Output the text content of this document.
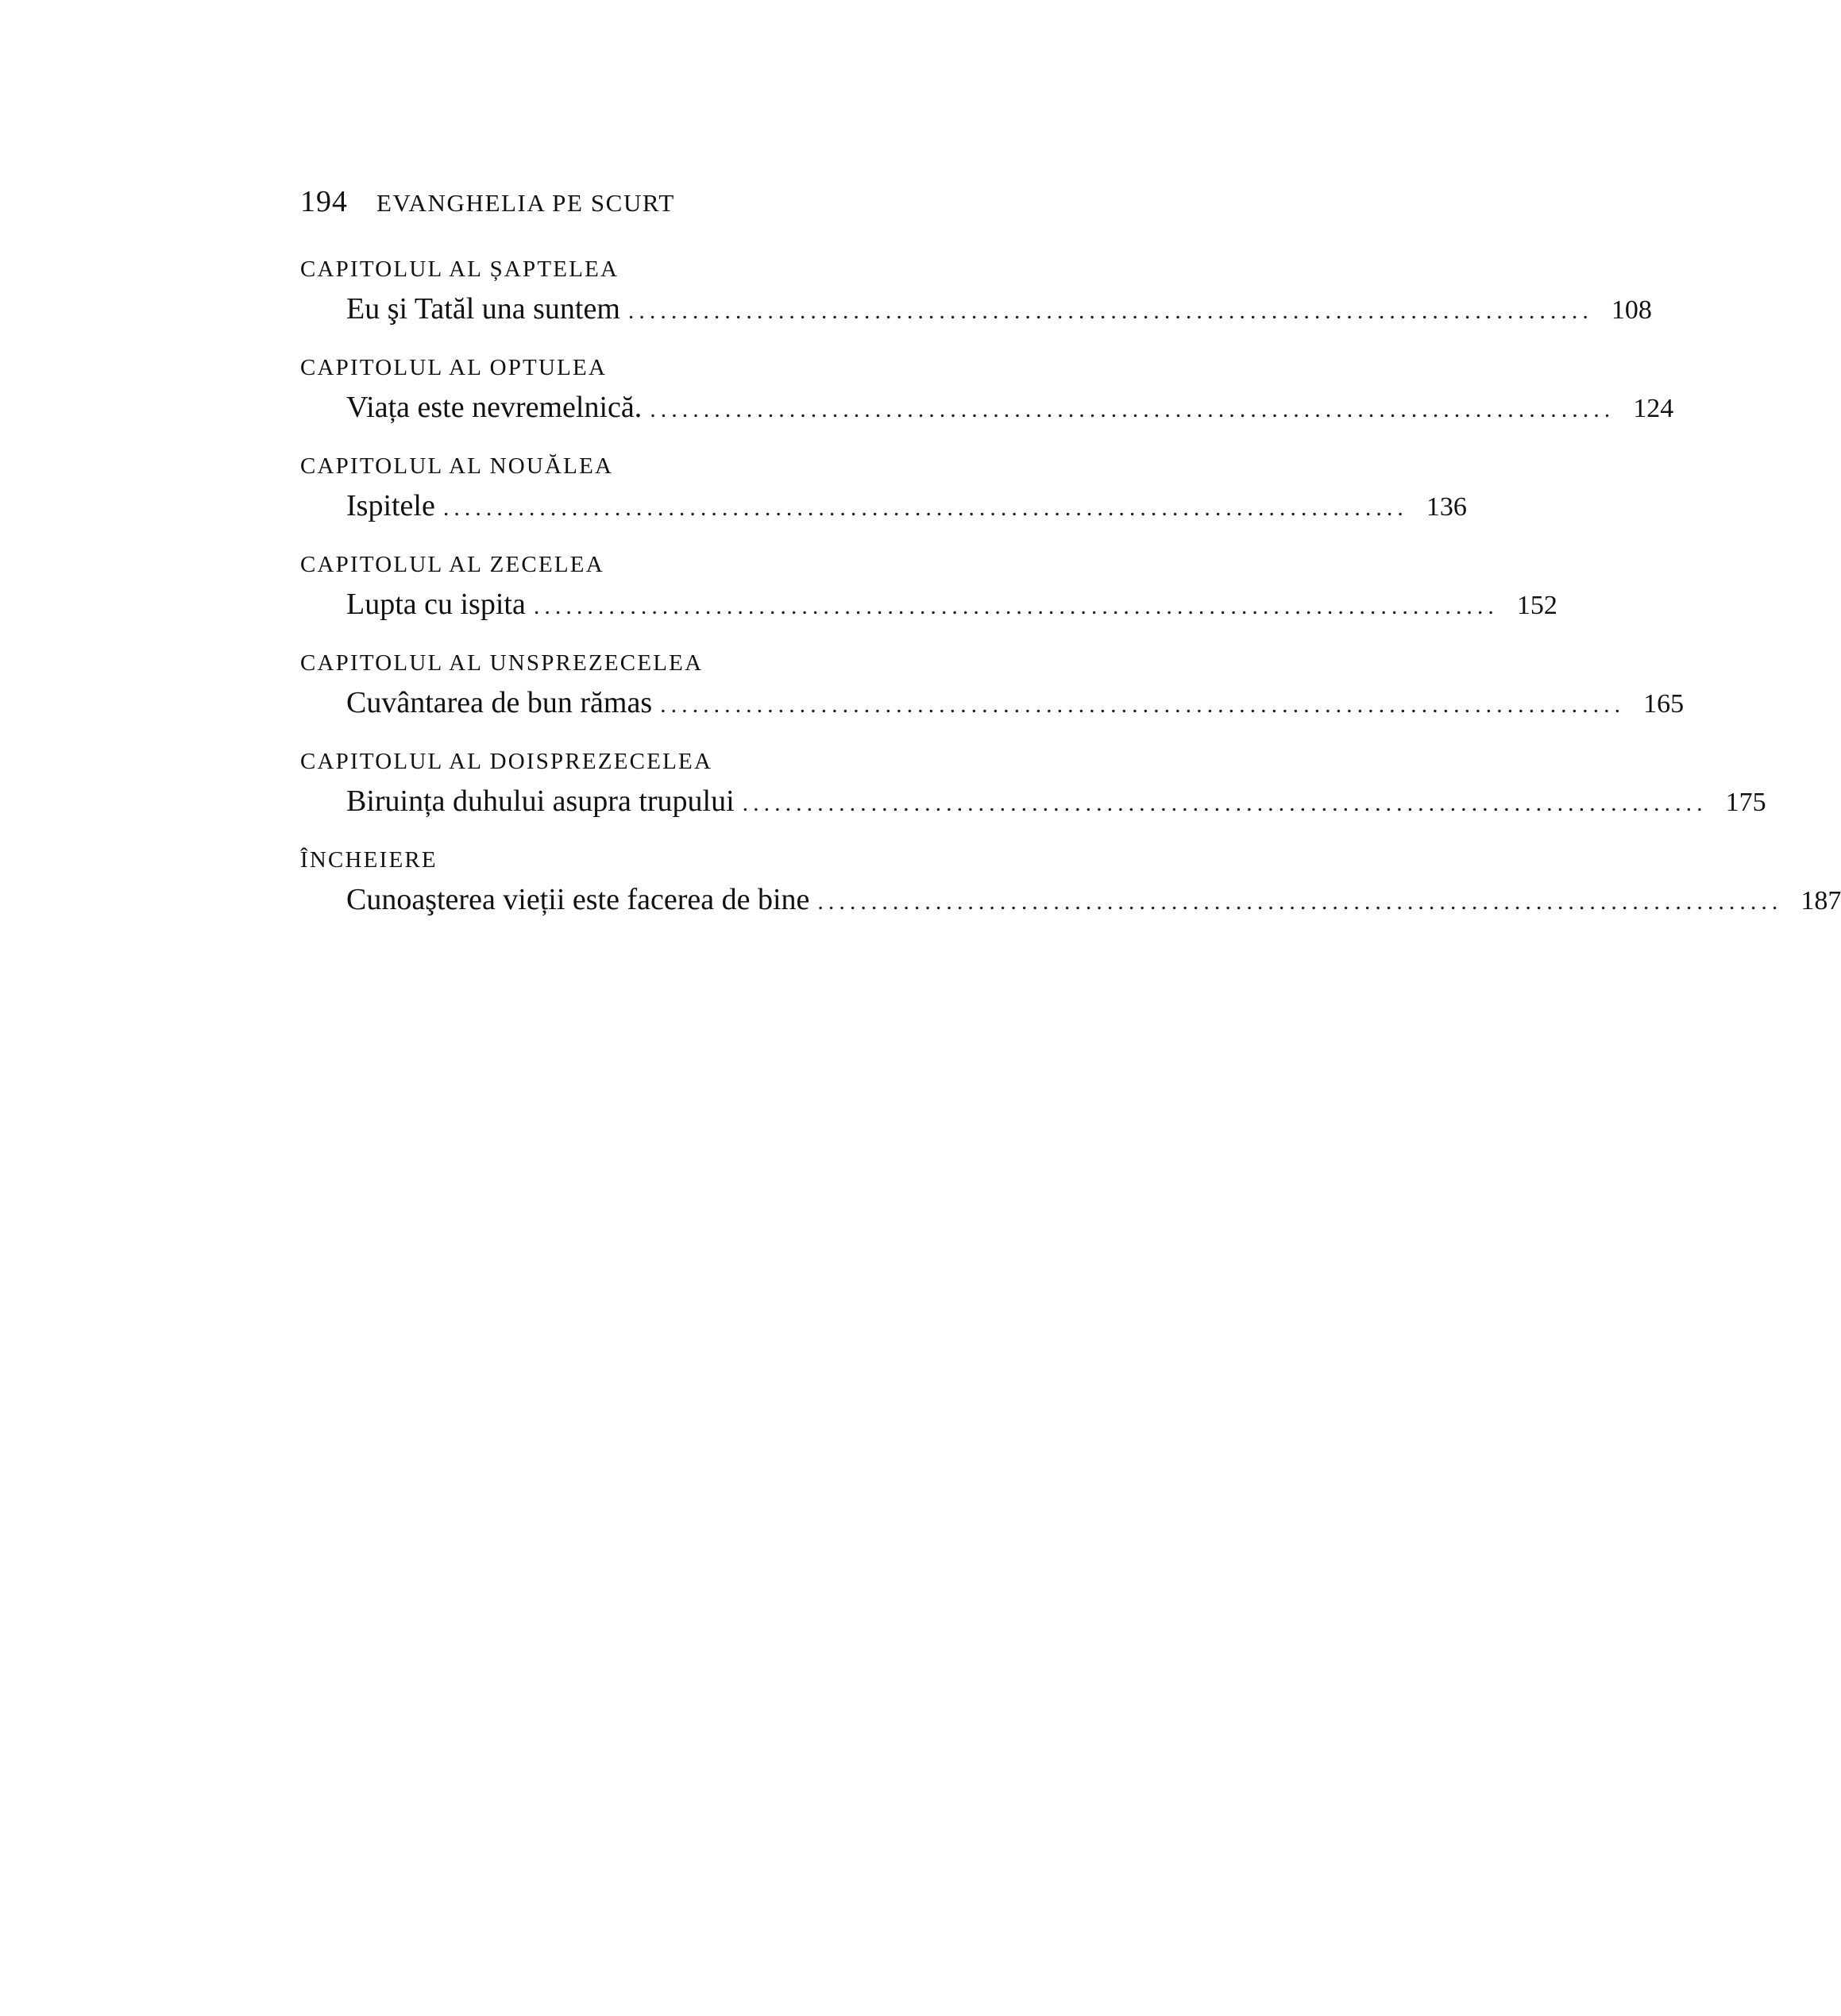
194 EVANGHELIA PE SCURT
CAPITOLUL AL ȘAPTELEA
Eu şi Tatăl una suntem .......................................................................................... 108
CAPITOLUL AL OPTULEA
Viața este nevremelnică. .......................................................................................... 124
CAPITOLUL AL NOUĂLEA
Ispitele .......................................................................................... 136
CAPITOLUL AL ZECELEA
Lupta cu ispita .......................................................................................... 152
CAPITOLUL AL UNSPREZECELEA
Cuvântarea de bun rămas .......................................................................................... 165
CAPITOLUL AL DOISPREZECELEA
Biruința duhului asupra trupului .......................................................................................... 175
ÎNCHEIERE
Cunoaşterea vieții este facerea de bine .......................................................................................... 187
